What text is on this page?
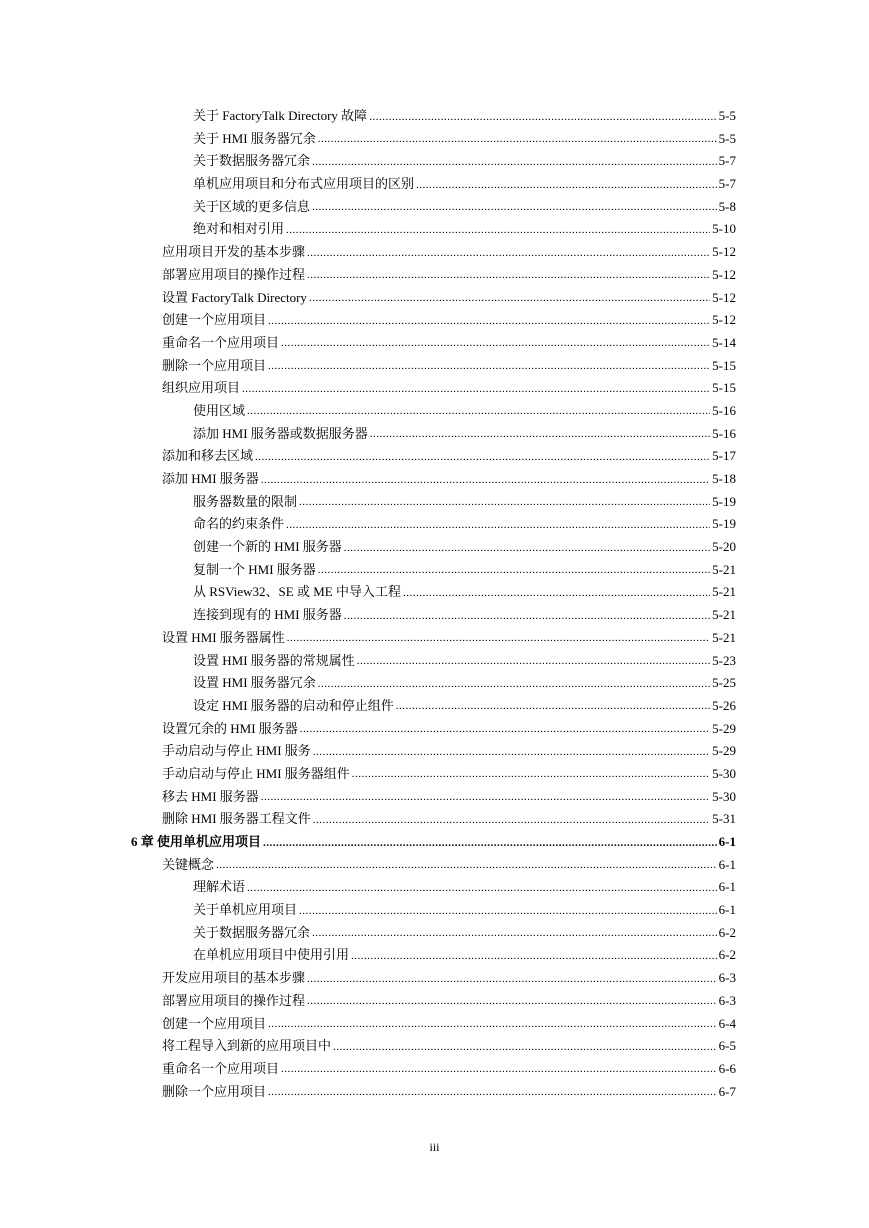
关于 FactoryTalk Directory 故障 .....	5-5
关于 HMI 服务器冗余 .....	5-5
关于数据服务器冗余 .....	5-7
单机应用项目和分布式应用项目的区别 .....	5-7
关于区域的更多信息 .....	5-8
绝对和相对引用 .....	5-10
应用项目开发的基本步骤 .....	5-12
部署应用项目的操作过程 .....	5-12
设置 FactoryTalk Directory .....	5-12
创建一个应用项目 .....	5-12
重命名一个应用项目 .....	5-14
删除一个应用项目 .....	5-15
组织应用项目 .....	5-15
使用区域 .....	5-16
添加 HMI 服务器或数据服务器 .....	5-16
添加和移去区域 .....	5-17
添加 HMI 服务器 .....	5-18
服务器数量的限制 .....	5-19
命名的约束条件 .....	5-19
创建一个新的 HMI 服务器 .....	5-20
复制一个 HMI 服务器 .....	5-21
从 RSView32、SE 或 ME 中导入工程 .....	5-21
连接到现有的 HMI 服务器 .....	5-21
设置 HMI 服务器属性 .....	5-21
设置 HMI 服务器的常规属性 .....	5-23
设置 HMI 服务器冗余 .....	5-25
设定 HMI 服务器的启动和停止组件 .....	5-26
设置冗余的 HMI 服务器 .....	5-29
手动启动与停止 HMI 服务 .....	5-29
手动启动与停止 HMI 服务器组件 .....	5-30
移去 HMI 服务器 .....	5-30
删除 HMI 服务器工程文件 .....	5-31
6 章 使用单机应用项目 .....	6-1
关键概念 .....	6-1
理解术语 .....	6-1
关于单机应用项目 .....	6-1
关于数据服务器冗余 .....	6-2
在单机应用项目中使用引用 .....	6-2
开发应用项目的基本步骤 .....	6-3
部署应用项目的操作过程 .....	6-3
创建一个应用项目 .....	6-4
将工程导入到新的应用项目中 .....	6-5
重命名一个应用项目 .....	6-6
删除一个应用项目 .....	6-7
iii
